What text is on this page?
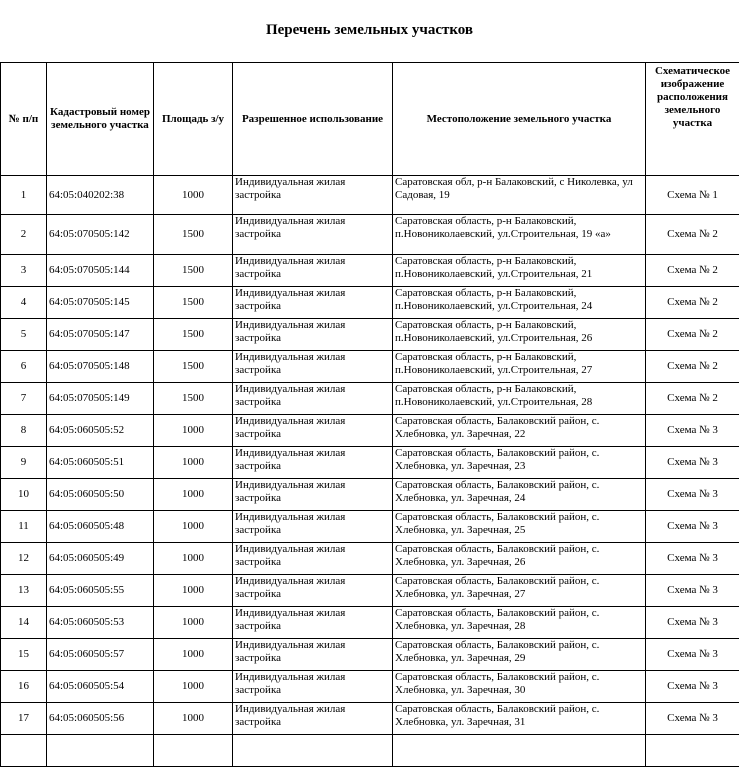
Перечень земельных участков
№ п/п	Кадастровый номер земельного участка	Площадь з/у	Разрешенное использование	Местоположение земельного участка	Схематическое изображение расположения земельного участка
1	64:05:040202:38	1000	Индивидуальная жилая застройка	Саратовская обл, р-н Балаковский, с Николевка, ул Садовая, 19	Схема № 1
2	64:05:070505:142	1500	Индивидуальная жилая застройка	Саратовская область, р-н Балаковский, п.Новониколаевский, ул.Строительная, 19 «а»	Схема № 2
3	64:05:070505:144	1500	Индивидуальная жилая застройка	Саратовская область, р-н Балаковский, п.Новониколаевский, ул.Строительная, 21	Схема № 2
4	64:05:070505:145	1500	Индивидуальная жилая застройка	Саратовская область, р-н Балаковский, п.Новониколаевский, ул.Строительная, 24	Схема № 2
5	64:05:070505:147	1500	Индивидуальная жилая застройка	Саратовская область, р-н Балаковский, п.Новониколаевский, ул.Строительная, 26	Схема № 2
6	64:05:070505:148	1500	Индивидуальная жилая застройка	Саратовская область, р-н Балаковский, п.Новониколаевский, ул.Строительная, 27	Схема № 2
7	64:05:070505:149	1500	Индивидуальная жилая застройка	Саратовская область, р-н Балаковский, п.Новониколаевский, ул.Строительная, 28	Схема № 2
8	64:05:060505:52	1000	Индивидуальная жилая застройка	Саратовская область, Балаковский район, с. Хлебновка, ул. Заречная, 22	Схема № 3
9	64:05:060505:51	1000	Индивидуальная жилая застройка	Саратовская область, Балаковский район, с. Хлебновка, ул. Заречная, 23	Схема № 3
10	64:05:060505:50	1000	Индивидуальная жилая застройка	Саратовская область, Балаковский район, с. Хлебновка, ул. Заречная, 24	Схема № 3
11	64:05:060505:48	1000	Индивидуальная жилая застройка	Саратовская область, Балаковский район, с. Хлебновка, ул. Заречная, 25	Схема № 3
12	64:05:060505:49	1000	Индивидуальная жилая застройка	Саратовская область, Балаковский район, с. Хлебновка, ул. Заречная, 26	Схема № 3
13	64:05:060505:55	1000	Индивидуальная жилая застройка	Саратовская область, Балаковский район, с. Хлебновка, ул. Заречная, 27	Схема № 3
14	64:05:060505:53	1000	Индивидуальная жилая застройка	Саратовская область, Балаковский район, с. Хлебновка, ул. Заречная, 28	Схема № 3
15	64:05:060505:57	1000	Индивидуальная жилая застройка	Саратовская область, Балаковский район, с. Хлебновка, ул. Заречная, 29	Схема № 3
16	64:05:060505:54	1000	Индивидуальная жилая застройка	Саратовская область, Балаковский район, с. Хлебновка, ул. Заречная, 30	Схема № 3
17	64:05:060505:56	1000	Индивидуальная жилая застройка	Саратовская область, Балаковский район, с. Хлебновка, ул. Заречная, 31	Схема № 3
